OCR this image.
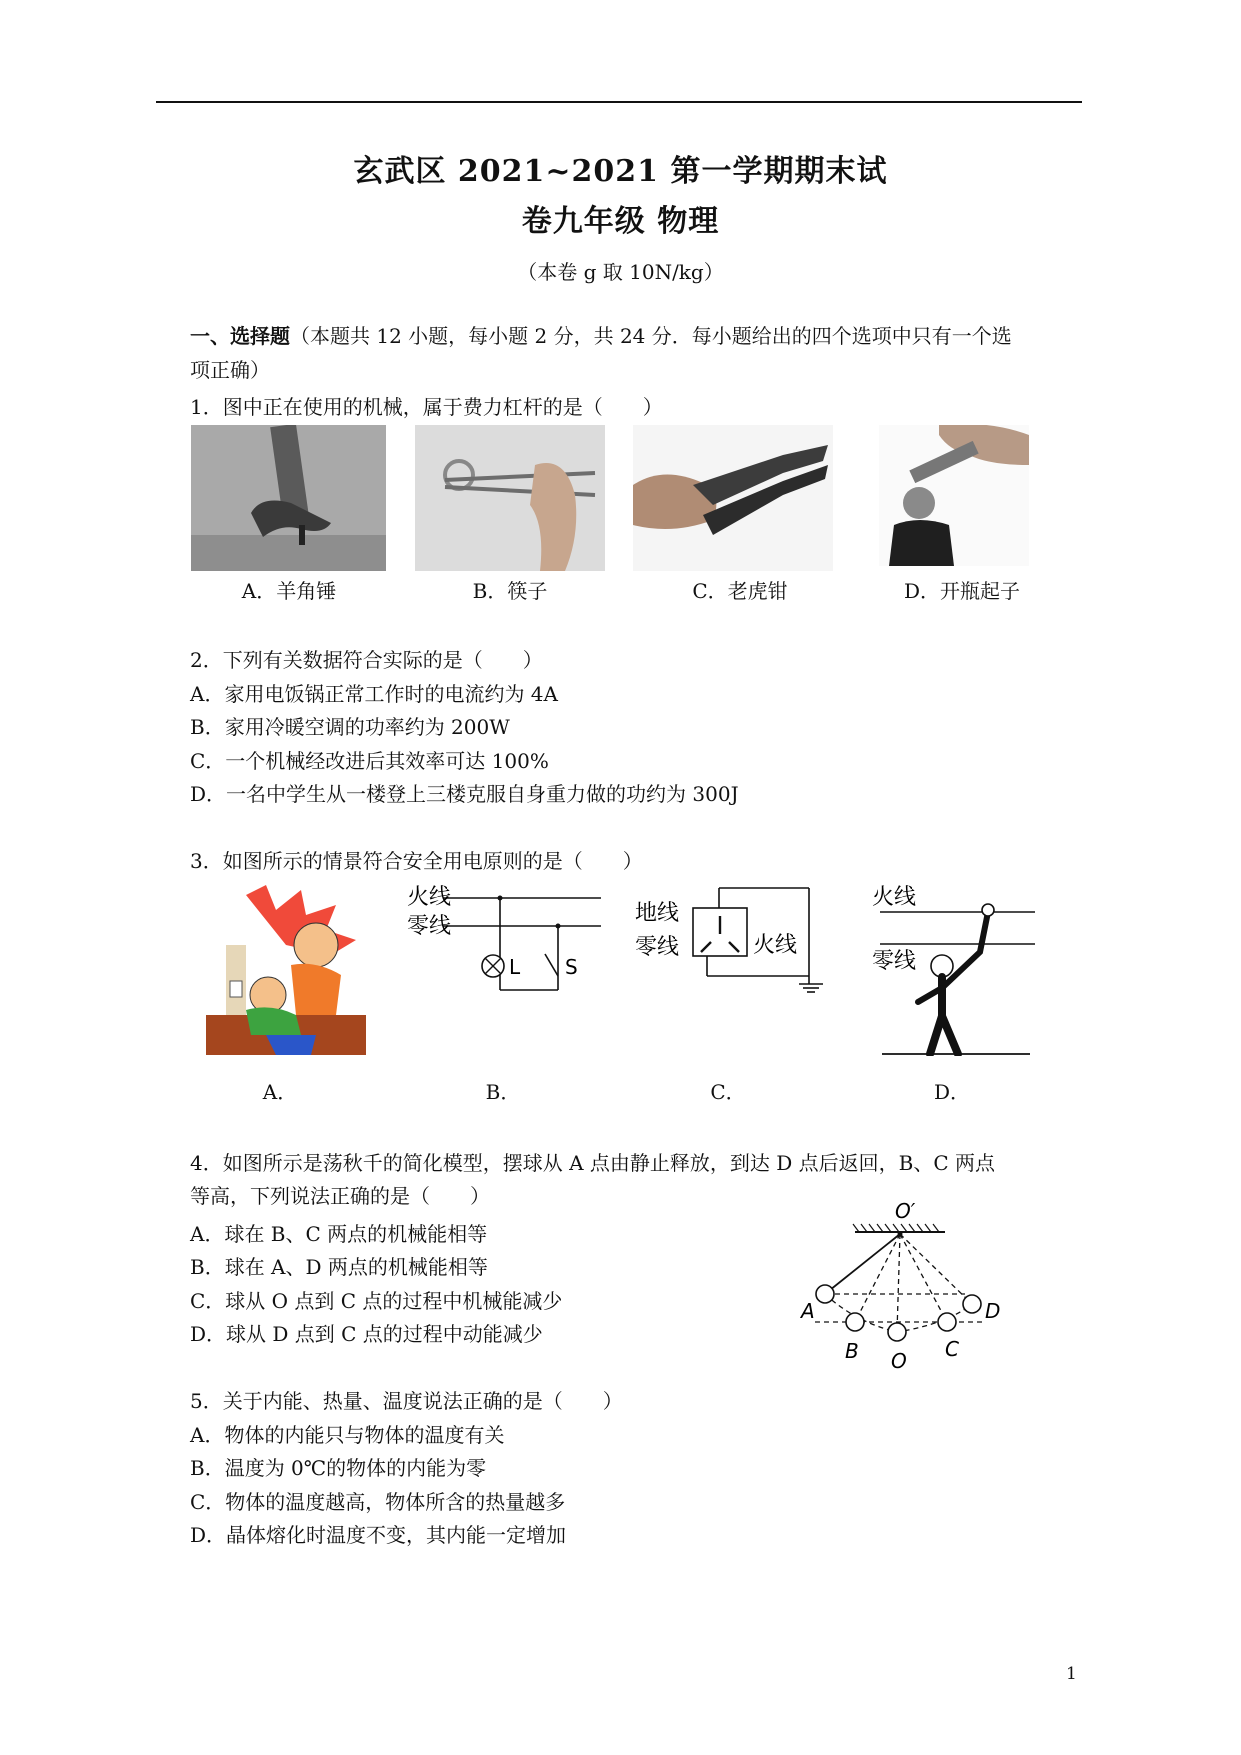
玄武区 2021~2021 第一学期期末试
卷九年级 物理
（本卷 g 取 10N/kg）
一、选择题（本题共 12 小题，每小题 2 分，共 24 分．每小题给出的四个选项中只有一个选
项正确）
1．图中正在使用的机械，属于费力杠杆的是（　　）
A．羊角锤	B．筷子	C．老虎钳	D．开瓶起子
2．下列有关数据符合实际的是（　　）
A．家用电饭锅正常工作时的电流约为 4A
B．家用冷暖空调的功率约为 200W
C．一个机械经改进后其效率可达 100%
D．一名中学生从一楼登上三楼克服自身重力做的功约为 300J
3．如图所示的情景符合安全用电原则的是（　　）
火线
零线
L S
地线
零线	火线
火线
零线
A．	B．	C．	D．
4．如图所示是荡秋千的简化模型，摆球从 A 点由静止释放，到达 D 点后返回，B、C 两点
等高，下列说法正确的是（　　）
A．球在 B、C 两点的机械能相等
B．球在 A、D 两点的机械能相等
C．球从 O 点到 C 点的过程中机械能减少
D．球从 D 点到 C 点的过程中动能减少
O′
A
B O C
D
5．关于内能、热量、温度说法正确的是（　　）
A．物体的内能只与物体的温度有关
B．温度为 0℃的物体的内能为零
C．物体的温度越高，物体所含的热量越多
D．晶体熔化时温度不变，其内能一定增加
1
